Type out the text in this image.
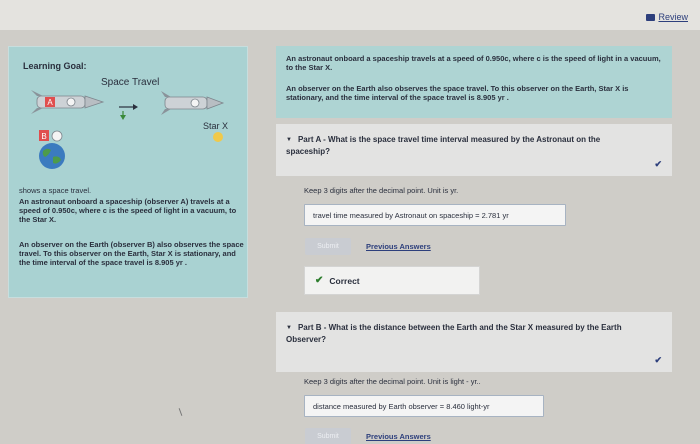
Review
Learning Goal:
Space Travel
A
Star X
B
shows a space travel.
An astronaut onboard a spaceship (observer A) travels at a speed of 0.950c, where c is the speed of light in a vacuum, to the Star X.
An observer on the Earth (observer B) also observes the space travel. To this observer on the Earth, Star X is stationary, and the time interval of the space travel is 8.905 yr .
An astronaut onboard a spaceship travels at a speed of 0.950c, where c is the speed of light in a vacuum, to the Star X.
An observer on the Earth also observes the space travel. To this observer on the Earth, Star X is stationary, and the time interval of the space travel is 8.905 yr .
▼ Part A - What is the space travel time interval measured by the Astronaut on the spaceship?
✔
Keep 3 digits after the decimal point. Unit is yr.
travel time measured by Astronaut on spaceship = 2.781 yr
Submit	Previous Answers
✔ Correct
▼ Part B - What is the distance between the Earth and the Star X measured by the Earth Observer?
✔
Keep 3 digits after the decimal point. Unit is light - yr..
distance measured by Earth observer = 8.460 light-yr
Submit	Previous Answers
